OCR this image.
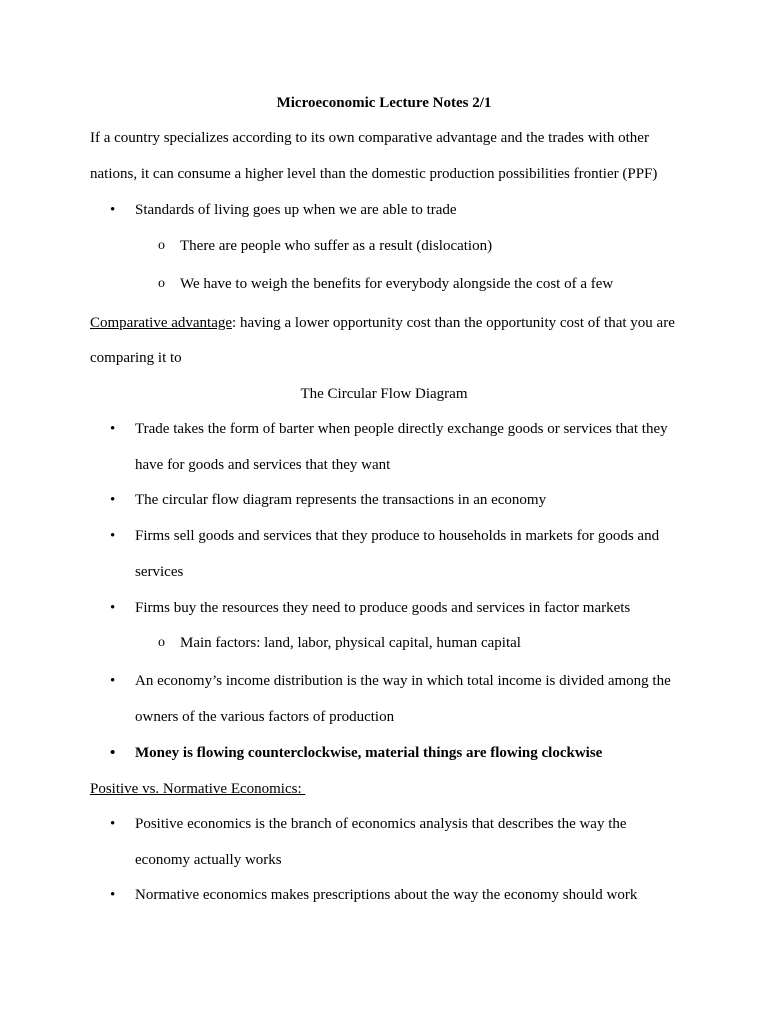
Microeconomic Lecture Notes 2/1
If a country specializes according to its own comparative advantage and the trades with other
nations, it can consume a higher level than the domestic production possibilities frontier (PPF)
• Standards of living goes up when we are able to trade
o There are people who suffer as a result (dislocation)
o We have to weigh the benefits for everybody alongside the cost of a few
Comparative advantage: having a lower opportunity cost than the opportunity cost of that you are
comparing it to
The Circular Flow Diagram
• Trade takes the form of barter when people directly exchange goods or services that they
have for goods and services that they want
• The circular flow diagram represents the transactions in an economy
• Firms sell goods and services that they produce to households in markets for goods and
services
• Firms buy the resources they need to produce goods and services in factor markets
o Main factors: land, labor, physical capital, human capital
• An economy’s income distribution is the way in which total income is divided among the
owners of the various factors of production
• Money is flowing counterclockwise, material things are flowing clockwise
Positive vs. Normative Economics:
• Positive economics is the branch of economics analysis that describes the way the
economy actually works
• Normative economics makes prescriptions about the way the economy should work
